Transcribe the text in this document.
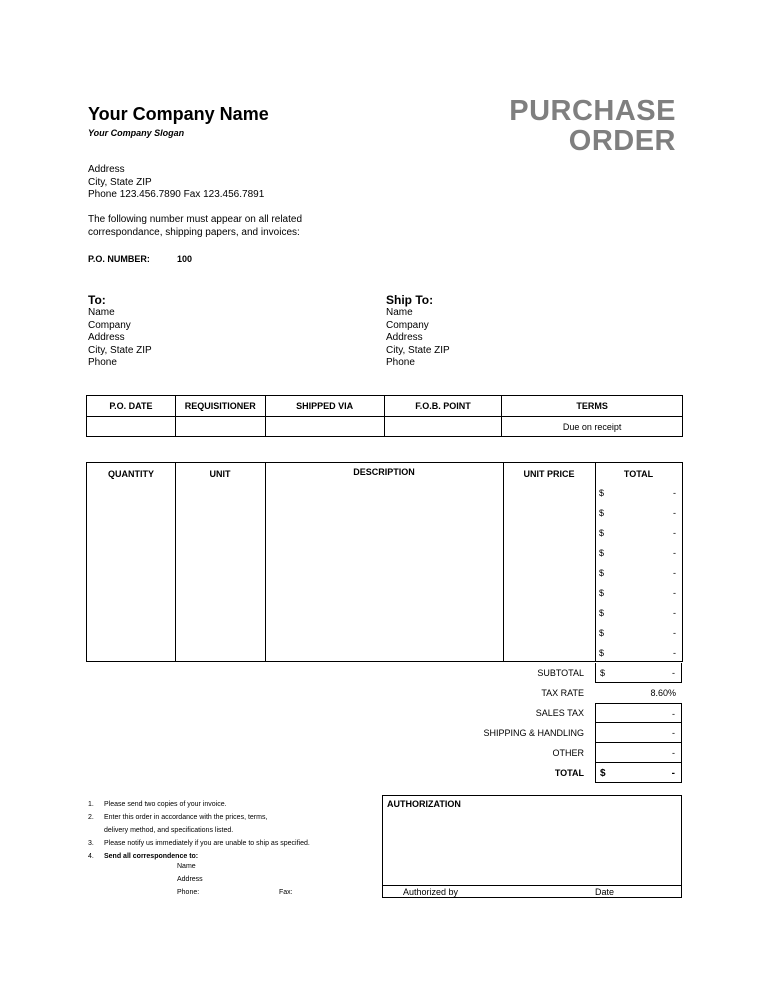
Your Company Name
Your Company Slogan
PURCHASE
ORDER
Address
City, State ZIP
Phone 123.456.7890 Fax 123.456.7891
The following number must appear on all related
correspondance, shipping papers, and invoices:
P.O. NUMBER:	100
To:
Name
Company
Address
City, State ZIP
Phone
Ship To:
Name
Company
Address
City, State ZIP
Phone
P.O. DATE	REQUISITIONER	SHIPPED VIA	F.O.B. POINT	TERMS
				Due on receipt
QUANTITY	UNIT	DESCRIPTION	UNIT PRICE	TOTAL
$	-
$	-
$	-
$	-
$	-
$	-
$	-
$	-
$	-
SUBTOTAL $	-
TAX RATE	8.60%
SALES TAX	-
SHIPPING & HANDLING	-
OTHER	-
TOTAL $	-
1. Please send two copies of your invoice.
2. Enter this order in accordance with the prices, terms,
delivery method, and specifications listed.
3. Please notify us immediately if you are unable to ship as specified.
4. Send all correspondence to:
Name
Address
Phone:	Fax:
AUTHORIZATION
Authorized by	Date
